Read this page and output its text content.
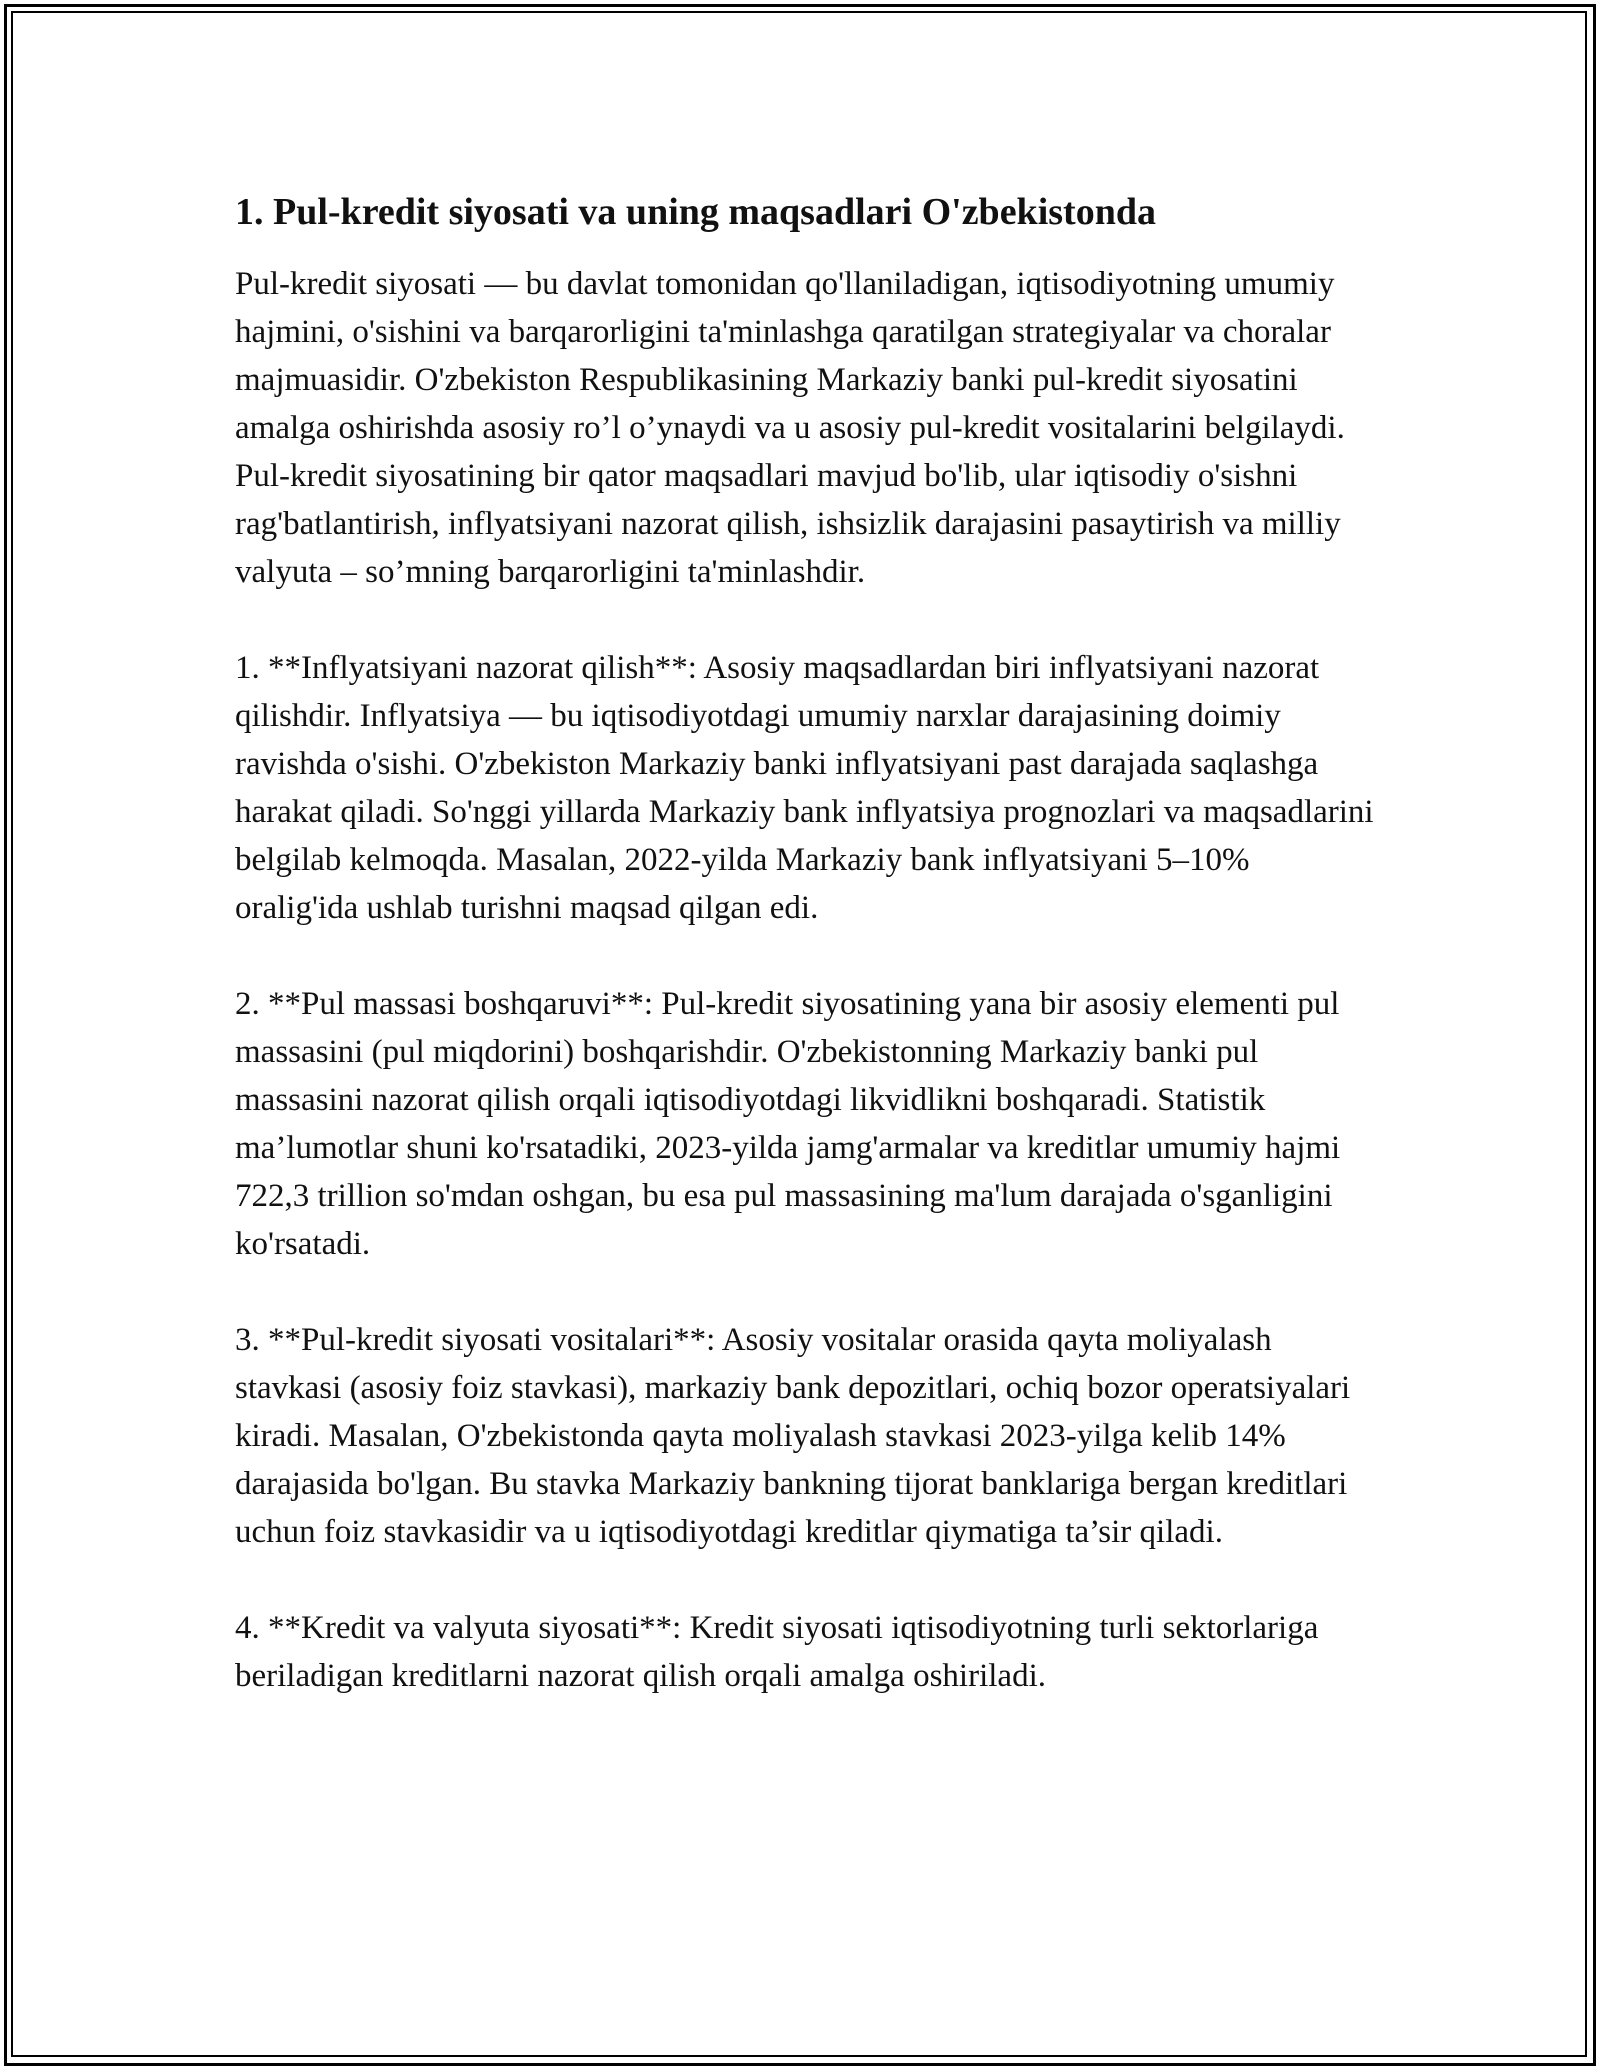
1. Pul-kredit siyosati va uning maqsadlari O'zbekistonda

Pul-kredit siyosati — bu davlat tomonidan qo'llaniladigan, iqtisodiyotning umumiy hajmini, o'sishini va barqarorligini ta'minlashga qaratilgan strategiyalar va choralar majmuasidir. O'zbekiston Respublikasining Markaziy banki pul-kredit siyosatini amalga oshirishda asosiy ro’l o’ynaydi va u asosiy pul-kredit vositalarini belgilaydi. Pul-kredit siyosatining bir qator maqsadlari mavjud bo'lib, ular iqtisodiy o'sishni rag'batlantirish, inflyatsiyani nazorat qilish, ishsizlik darajasini pasaytirish va milliy valyuta – so’mning barqarorligini ta'minlashdir.

1. **Inflyatsiyani nazorat qilish**: Asosiy maqsadlardan biri inflyatsiyani nazorat qilishdir. Inflyatsiya — bu iqtisodiyotdagi umumiy narxlar darajasining doimiy ravishda o'sishi. O'zbekiston Markaziy banki inflyatsiyani past darajada saqlashga harakat qiladi. So'nggi yillarda Markaziy bank inflyatsiya prognozlari va maqsadlarini belgilab kelmoqda. Masalan, 2022-yilda Markaziy bank inflyatsiyani 5–10% oralig'ida ushlab turishni maqsad qilgan edi.

2. **Pul massasi boshqaruvi**: Pul-kredit siyosatining yana bir asosiy elementi pul massasini (pul miqdorini) boshqarishdir. O'zbekistonning Markaziy banki pul massasini nazorat qilish orqali iqtisodiyotdagi likvidlikni boshqaradi. Statistik ma’lumotlar shuni ko'rsatadiki, 2023-yilda jamg'armalar va kreditlar umumiy hajmi 722,3 trillion so'mdan oshgan, bu esa pul massasining ma'lum darajada o'sganligini ko'rsatadi.

3. **Pul-kredit siyosati vositalari**: Asosiy vositalar orasida qayta moliyalash stavkasi (asosiy foiz stavkasi), markaziy bank depozitlari, ochiq bozor operatsiyalari kiradi. Masalan, O'zbekistonda qayta moliyalash stavkasi 2023-yilga kelib 14% darajasida bo'lgan. Bu stavka Markaziy bankning tijorat banklariga bergan kreditlari uchun foiz stavkasidir va u iqtisodiyotdagi kreditlar qiymatiga ta’sir qiladi.

4. **Kredit va valyuta siyosati**: Kredit siyosati iqtisodiyotning turli sektorlariga beriladigan kreditlarni nazorat qilish orqali amalga oshiriladi.
